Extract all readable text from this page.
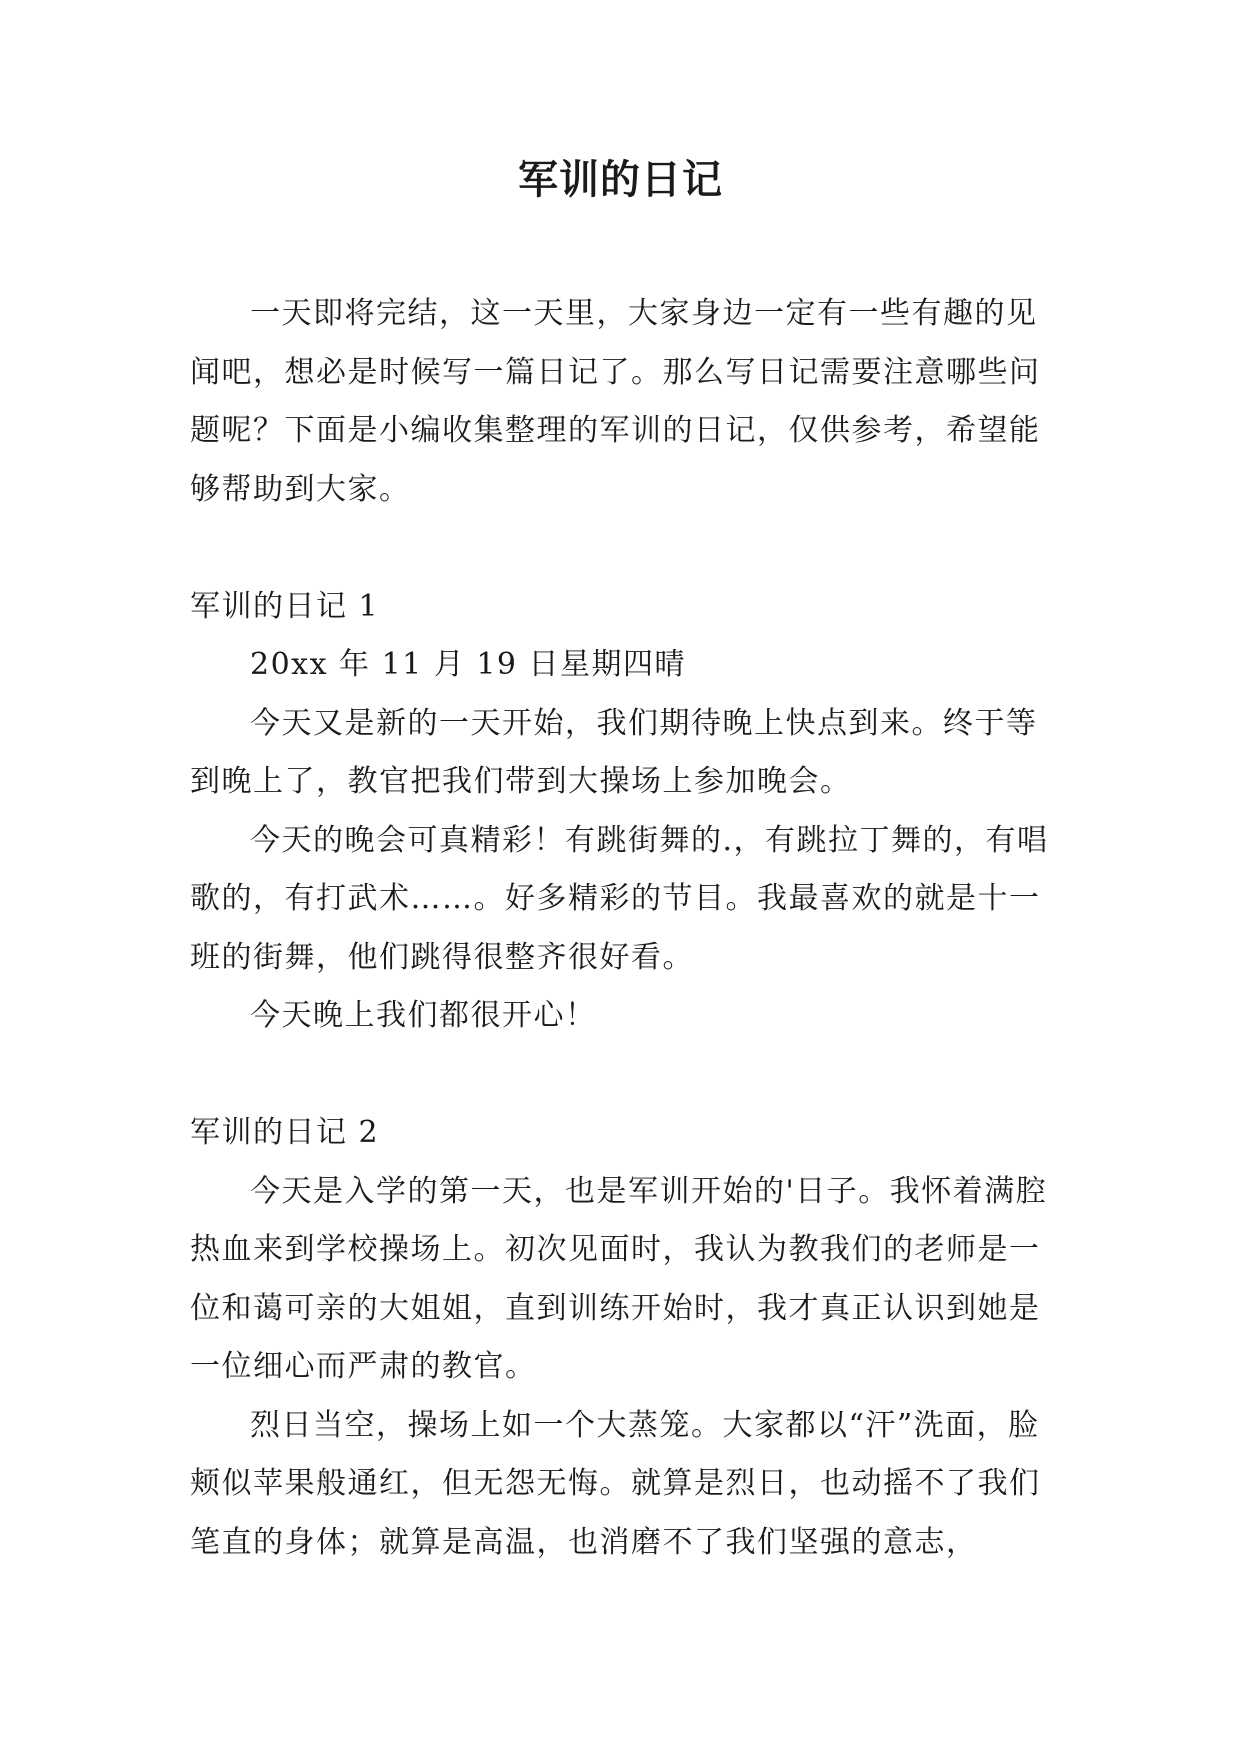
军训的日记

一天即将完结，这一天里，大家身边一定有一些有趣的见闻吧，想必是时候写一篇日记了。那么写日记需要注意哪些问题呢？下面是小编收集整理的军训的日记，仅供参考，希望能够帮助到大家。

军训的日记 1

20xx 年 11 月 19 日星期四晴

今天又是新的一天开始，我们期待晚上快点到来。终于等到晚上了，教官把我们带到大操场上参加晚会。

今天的晚会可真精彩！有跳街舞的.，有跳拉丁舞的，有唱歌的，有打武术……。好多精彩的节目。我最喜欢的就是十一班的街舞，他们跳得很整齐很好看。

今天晚上我们都很开心！

军训的日记 2

今天是入学的第一天，也是军训开始的'日子。我怀着满腔热血来到学校操场上。初次见面时，我认为教我们的老师是一位和蔼可亲的大姐姐，直到训练开始时，我才真正认识到她是一位细心而严肃的教官。

烈日当空，操场上如一个大蒸笼。大家都以“汗”洗面，脸颊似苹果般通红，但无怨无悔。就算是烈日，也动摇不了我们笔直的身体；就算是高温，也消磨不了我们坚强的意志，
